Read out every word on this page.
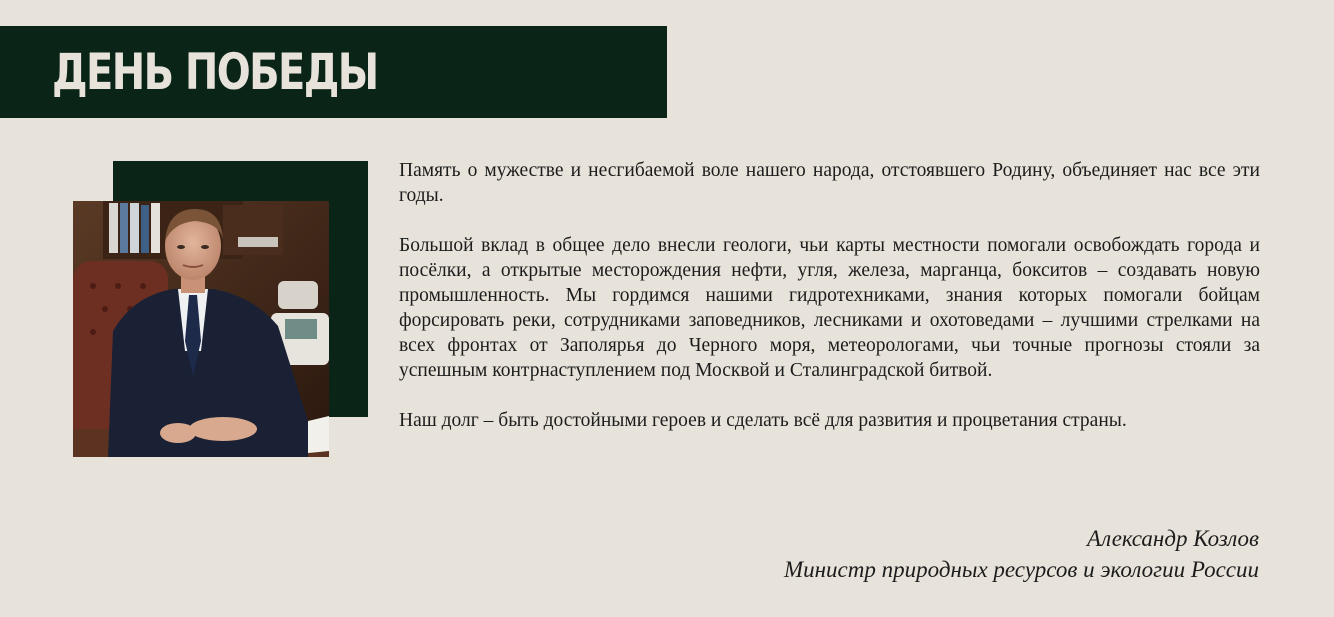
ДЕНЬ ПОБЕДЫ

Память о мужестве и несгибаемой воле нашего народа, отстоявшего Родину, объединяет нас все эти годы.

Большой вклад в общее дело внесли геологи, чьи карты местности помогали освобождать города и посёлки, а открытые месторождения нефти, угля, железа, марганца, бокситов – создавать новую промышленность. Мы гордимся нашими гидротехниками, знания которых помогали бойцам форсировать реки, сотрудниками заповедников, лесниками и охотоведами – лучшими стрелками на всех фронтах от Заполярья до Черного моря, метеорологами, чьи точные прогнозы стояли за успешным контрнаступлением под Москвой и Сталинградской битвой.

Наш долг – быть достойными героев и сделать всё для развития и процветания страны.

Александр Козлов
Министр природных ресурсов и экологии России
